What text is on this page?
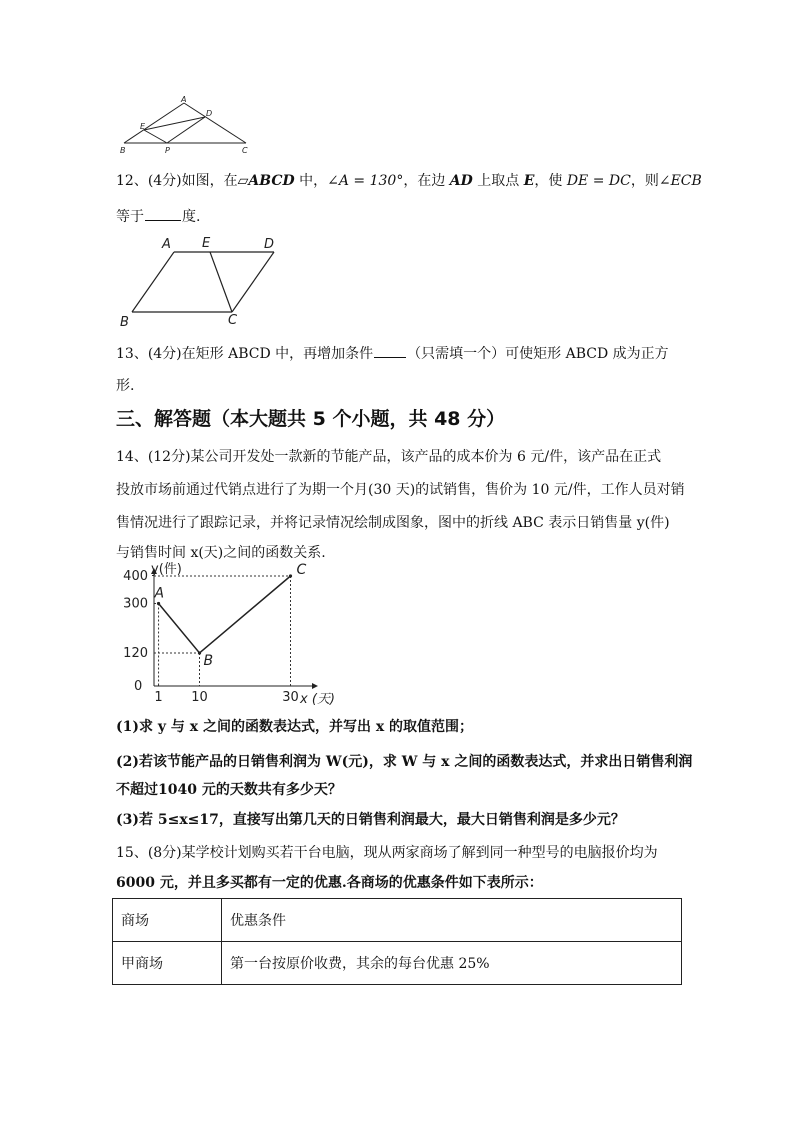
A
D
E
B	P	C
12、(4分)如图，在▱ABCD 中，∠A = 130°，在边 AD 上取点 E，使 DE = DC，则∠ECB
等于	度.
A E	D
B	C
13、(4分)在矩形 ABCD 中，再增加条件 （只需填一个）可使矩形 ABCD 成为正方
形.
三、解答题（本大题共 5 个小题，共 48 分）
14、(12分)某公司开发处一款新的节能产品，该产品的成本价为 6 元/件，该产品在正式
投放市场前通过代销点进行了为期一个月(30 天)的试销售，售价为 10 元/件，工作人员对销
售情况进行了跟踪记录，并将记录情况绘制成图象，图中的折线 ABC 表示日销售量 y(件)
与销售时间 x(天)之间的函数关系.
A
B
C
120
300
400
1 10	30
y(件)
x (天)
0
(1)求 y 与 x 之间的函数表达式，并写出 x 的取值范围；
(2)若该节能产品的日销售利润为 W(元)，求 W 与 x 之间的函数表达式，并求出日销售利润
不超过1040 元的天数共有多少天？
(3)若 5≤x≤17，直接写出第几天的日销售利润最大，最大日销售利润是多少元？
15、(8分)某学校计划购买若干台电脑，现从两家商场了解到同一种型号的电脑报价均为
6000 元，并且多买都有一定的优惠.各商场的优惠条件如下表所示：
商场	优惠条件
甲商场	第一台按原价收费，其余的每台优惠 25%
